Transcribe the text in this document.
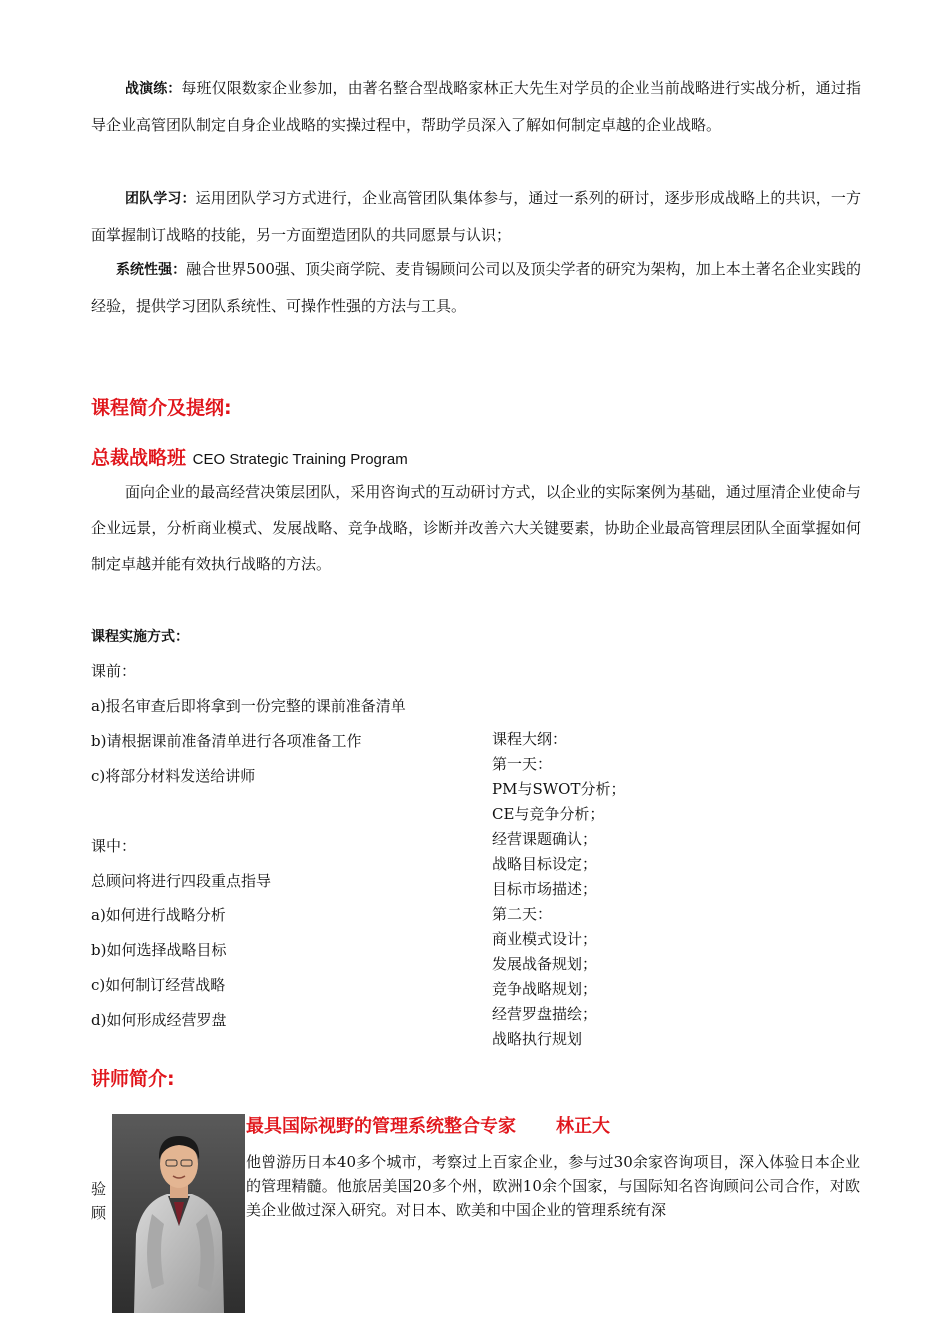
战演练：每班仅限数家企业参加，由著名整合型战略家林正大先生对学员的企业当前战略进行实战分析，通过指导企业高管团队制定自身企业战略的实操过程中，帮助学员深入了解如何制定卓越的企业战略。
团队学习：运用团队学习方式进行，企业高管团队集体参与，通过一系列的研讨，逐步形成战略上的共识，一方面掌握制订战略的技能，另一方面塑造团队的共同愿景与认识；
系统性强：融合世界500强、顶尖商学院、麦肯锡顾问公司以及顶尖学者的研究为架构，加上本土著名企业实践的经验，提供学习团队系统性、可操作性强的方法与工具。
课程简介及提纲:
总裁战略班 CEO Strategic Training Program
面向企业的最高经营决策层团队，采用咨询式的互动研讨方式，以企业的实际案例为基础，通过厘清企业使命与企业远景，分析商业模式、发展战略、竞争战略，诊断并改善六大关键要素，协助企业最高管理层团队全面掌握如何制定卓越并能有效执行战略的方法。
课程实施方式：
课前：
a)报名审查后即将拿到一份完整的课前准备清单
b)请根据课前准备清单进行各项准备工作
c)将部分材料发送给讲师
课中：
总顾问将进行四段重点指导
a)如何进行战略分析
b)如何选择战略目标
c)如何制订经营战略
d)如何形成经营罗盘
课程大纲：
第一天：
PM与SWOT分析；
CE与竞争分析；
经营课题确认；
战略目标设定；
目标市场描述；
第二天：
商业模式设计；
发展战备规划；
竞争战略规划；
经营罗盘描绘；
战略执行规划
讲师简介:
验
顾
最具国际视野的管理系统整合专家 林正大
他曾游历日本40多个城市，考察过上百家企业，参与过30余家咨询项目，深入体验日本企业的管理精髓。他旅居美国20多个州，欧洲10余个国家，与国际知名咨询顾问公司合作，对欧美企业做过深入研究。对日本、欧美和中国企业的管理系统有深
